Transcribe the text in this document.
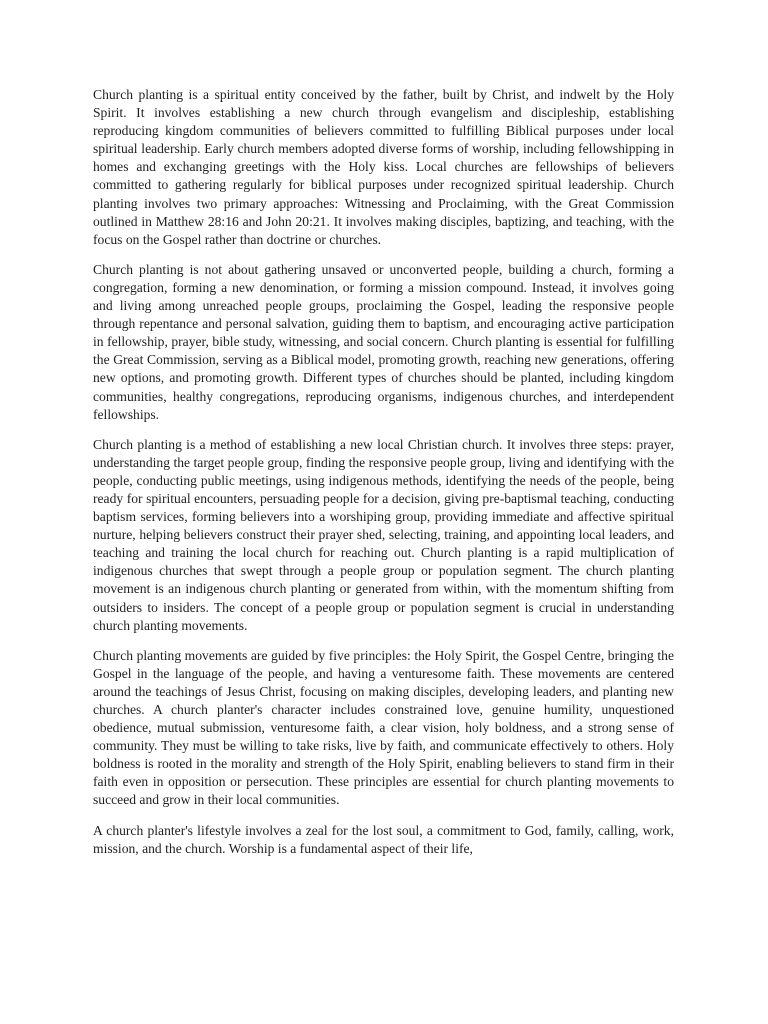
Church planting is a spiritual entity conceived by the father, built by Christ, and indwelt by the Holy Spirit. It involves establishing a new church through evangelism and discipleship, establishing reproducing kingdom communities of believers committed to fulfilling Biblical purposes under local spiritual leadership. Early church members adopted diverse forms of worship, including fellowshipping in homes and exchanging greetings with the Holy kiss. Local churches are fellowships of believers committed to gathering regularly for biblical purposes under recognized spiritual leadership. Church planting involves two primary approaches: Witnessing and Proclaiming, with the Great Commission outlined in Matthew 28:16 and John 20:21. It involves making disciples, baptizing, and teaching, with the focus on the Gospel rather than doctrine or churches.

Church planting is not about gathering unsaved or unconverted people, building a church, forming a congregation, forming a new denomination, or forming a mission compound. Instead, it involves going and living among unreached people groups, proclaiming the Gospel, leading the responsive people through repentance and personal salvation, guiding them to baptism, and encouraging active participation in fellowship, prayer, bible study, witnessing, and social concern. Church planting is essential for fulfilling the Great Commission, serving as a Biblical model, promoting growth, reaching new generations, offering new options, and promoting growth. Different types of churches should be planted, including kingdom communities, healthy congregations, reproducing organisms, indigenous churches, and interdependent fellowships.

Church planting is a method of establishing a new local Christian church. It involves three steps: prayer, understanding the target people group, finding the responsive people group, living and identifying with the people, conducting public meetings, using indigenous methods, identifying the needs of the people, being ready for spiritual encounters, persuading people for a decision, giving pre-baptismal teaching, conducting baptism services, forming believers into a worshiping group, providing immediate and affective spiritual nurture, helping believers construct their prayer shed, selecting, training, and appointing local leaders, and teaching and training the local church for reaching out. Church planting is a rapid multiplication of indigenous churches that swept through a people group or population segment. The church planting movement is an indigenous church planting or generated from within, with the momentum shifting from outsiders to insiders. The concept of a people group or population segment is crucial in understanding church planting movements.

Church planting movements are guided by five principles: the Holy Spirit, the Gospel Centre, bringing the Gospel in the language of the people, and having a venturesome faith. These movements are centered around the teachings of Jesus Christ, focusing on making disciples, developing leaders, and planting new churches. A church planter's character includes constrained love, genuine humility, unquestioned obedience, mutual submission, venturesome faith, a clear vision, holy boldness, and a strong sense of community. They must be willing to take risks, live by faith, and communicate effectively to others. Holy boldness is rooted in the morality and strength of the Holy Spirit, enabling believers to stand firm in their faith even in opposition or persecution. These principles are essential for church planting movements to succeed and grow in their local communities.

A church planter's lifestyle involves a zeal for the lost soul, a commitment to God, family, calling, work, mission, and the church. Worship is a fundamental aspect of their life,
